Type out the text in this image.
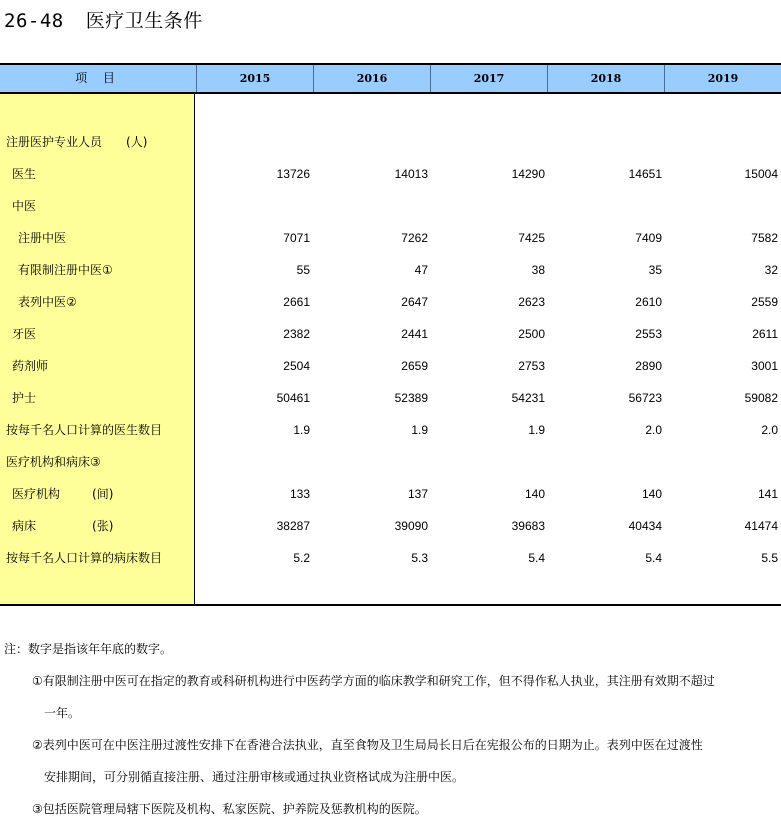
26-48 医疗卫生条件
项 目	2015	2016	2017	2018	2019
注册医护专业人员 (人)
医生	13726	14013	14290	14651	15004
中医
注册中医	7071	7262	7425	7409	7582
有限制注册中医①	55	47	38	35	32
表列中医②	2661	2647	2623	2610	2559
牙医	2382	2441	2500	2553	2611
药剂师	2504	2659	2753	2890	3001
护士	50461	52389	54231	56723	59082
按每千名人口计算的医生数目	1.9	1.9	1.9	2.0	2.0
医疗机构和病床③
医疗机构	(间)	133	137	140	140	141
病床	(张)	38287	39090	39683	40434	41474
按每千名人口计算的病床数目	5.2	5.3	5.4	5.4	5.5
注：数字是指该年年底的数字。
①有限制注册中医可在指定的教育或科研机构进行中医药学方面的临床教学和研究工作，但不得作私人执业，其注册有效期不超过
一年。
②表列中医可在中医注册过渡性安排下在香港合法执业，直至食物及卫生局局长日后在宪报公布的日期为止。表列中医在过渡性
安排期间，可分别循直接注册、通过注册审核或通过执业资格试成为注册中医。
③包括医院管理局辖下医院及机构、私家医院、护养院及惩教机构的医院。
